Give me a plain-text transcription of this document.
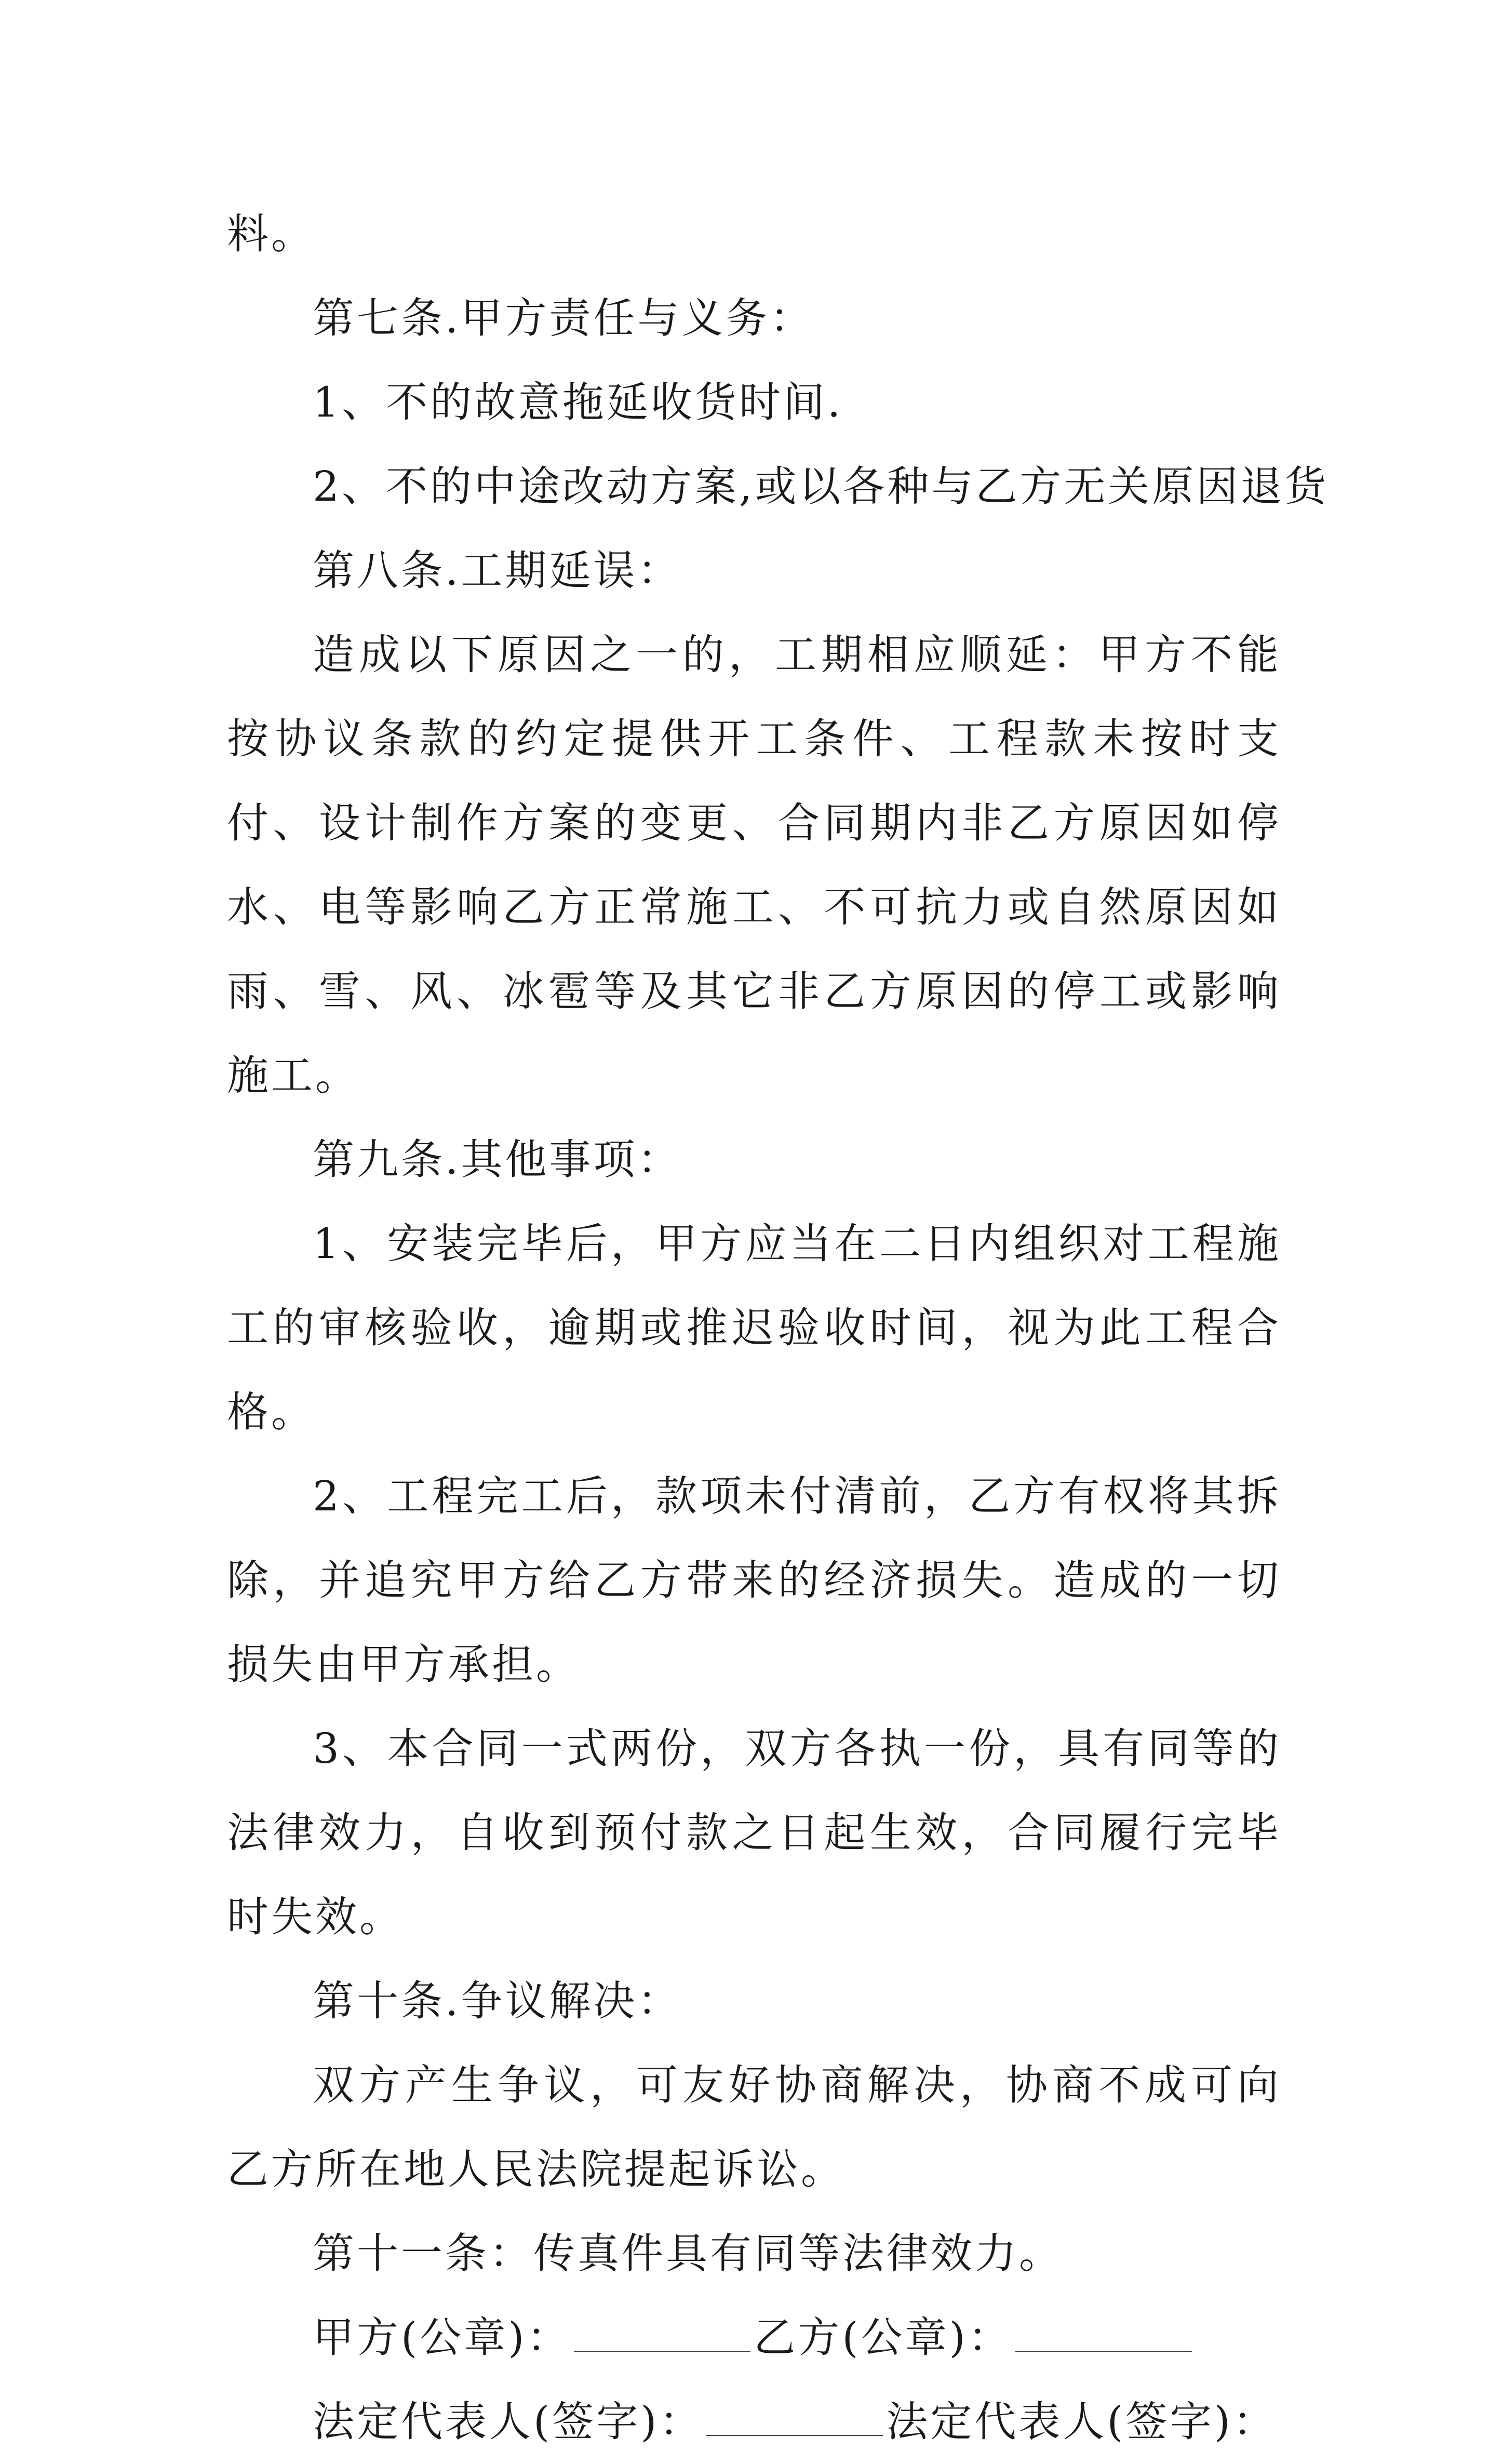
料。

第七条.甲方责任与义务：

1、不的故意拖延收货时间.

2、不的中途改动方案,或以各种与乙方无关原因退货

第八条.工期延误：

造成以下原因之一的，工期相应顺延：甲方不能按协议条款的约定提供开工条件、工程款未按时支付、设计制作方案的变更、合同期内非乙方原因如停水、电等影响乙方正常施工、不可抗力或自然原因如雨、雪、风、冰雹等及其它非乙方原因的停工或影响施工。

第九条.其他事项：

1、安装完毕后，甲方应当在二日内组织对工程施工的审核验收，逾期或推迟验收时间，视为此工程合格。

2、工程完工后，款项未付清前，乙方有权将其拆除，并追究甲方给乙方带来的经济损失。造成的一切损失由甲方承担。

3、本合同一式两份，双方各执一份，具有同等的法律效力，自收到预付款之日起生效，合同履行完毕时失效。

第十条.争议解决：

双方产生争议，可友好协商解决，协商不成可向乙方所在地人民法院提起诉讼。

第十一条：传真件具有同等法律效力。

甲方(公章)：	乙方(公章)：

法定代表人(签字)：	法定代表人(签字)：
